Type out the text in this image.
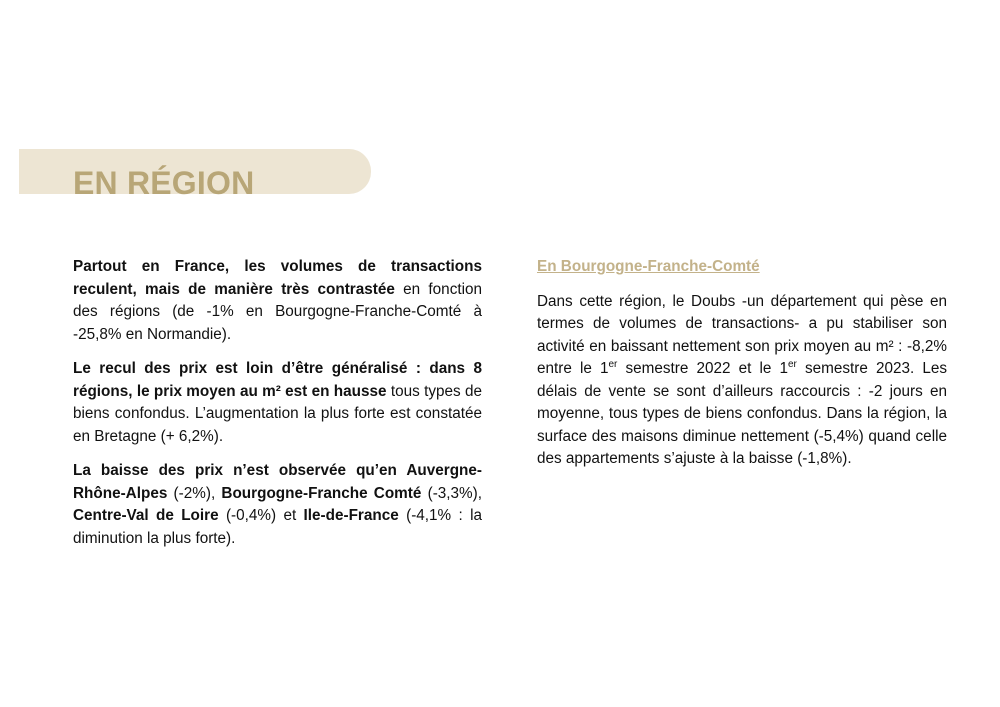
EN RÉGION

Partout en France, les volumes de transactions reculent, mais de manière très contrastée en fonction des régions (de -1% en Bourgogne-Franche-Comté à -25,8% en Normandie).

Le recul des prix est loin d’être généralisé : dans 8 régions, le prix moyen au m² est en hausse tous types de biens confondus. L’augmentation la plus forte est constatée en Bretagne (+ 6,2%).

La baisse des prix n’est observée qu’en Auvergne-Rhône-Alpes (-2%), Bourgogne-Franche Comté (-3,3%), Centre-Val de Loire (-0,4%) et Ile-de-France (-4,1% : la diminution la plus forte).

En Bourgogne-Franche-Comté

Dans cette région, le Doubs -un département qui pèse en termes de volumes de transactions- a pu stabiliser son activité en baissant nettement son prix moyen au m² : -8,2% entre le 1er semestre 2022 et le 1er semestre 2023. Les délais de vente se sont d’ailleurs raccourcis : -2 jours en moyenne, tous types de biens confondus. Dans la région, la surface des maisons diminue nettement (-5,4%) quand celle des appartements s’ajuste à la baisse (-1,8%).
